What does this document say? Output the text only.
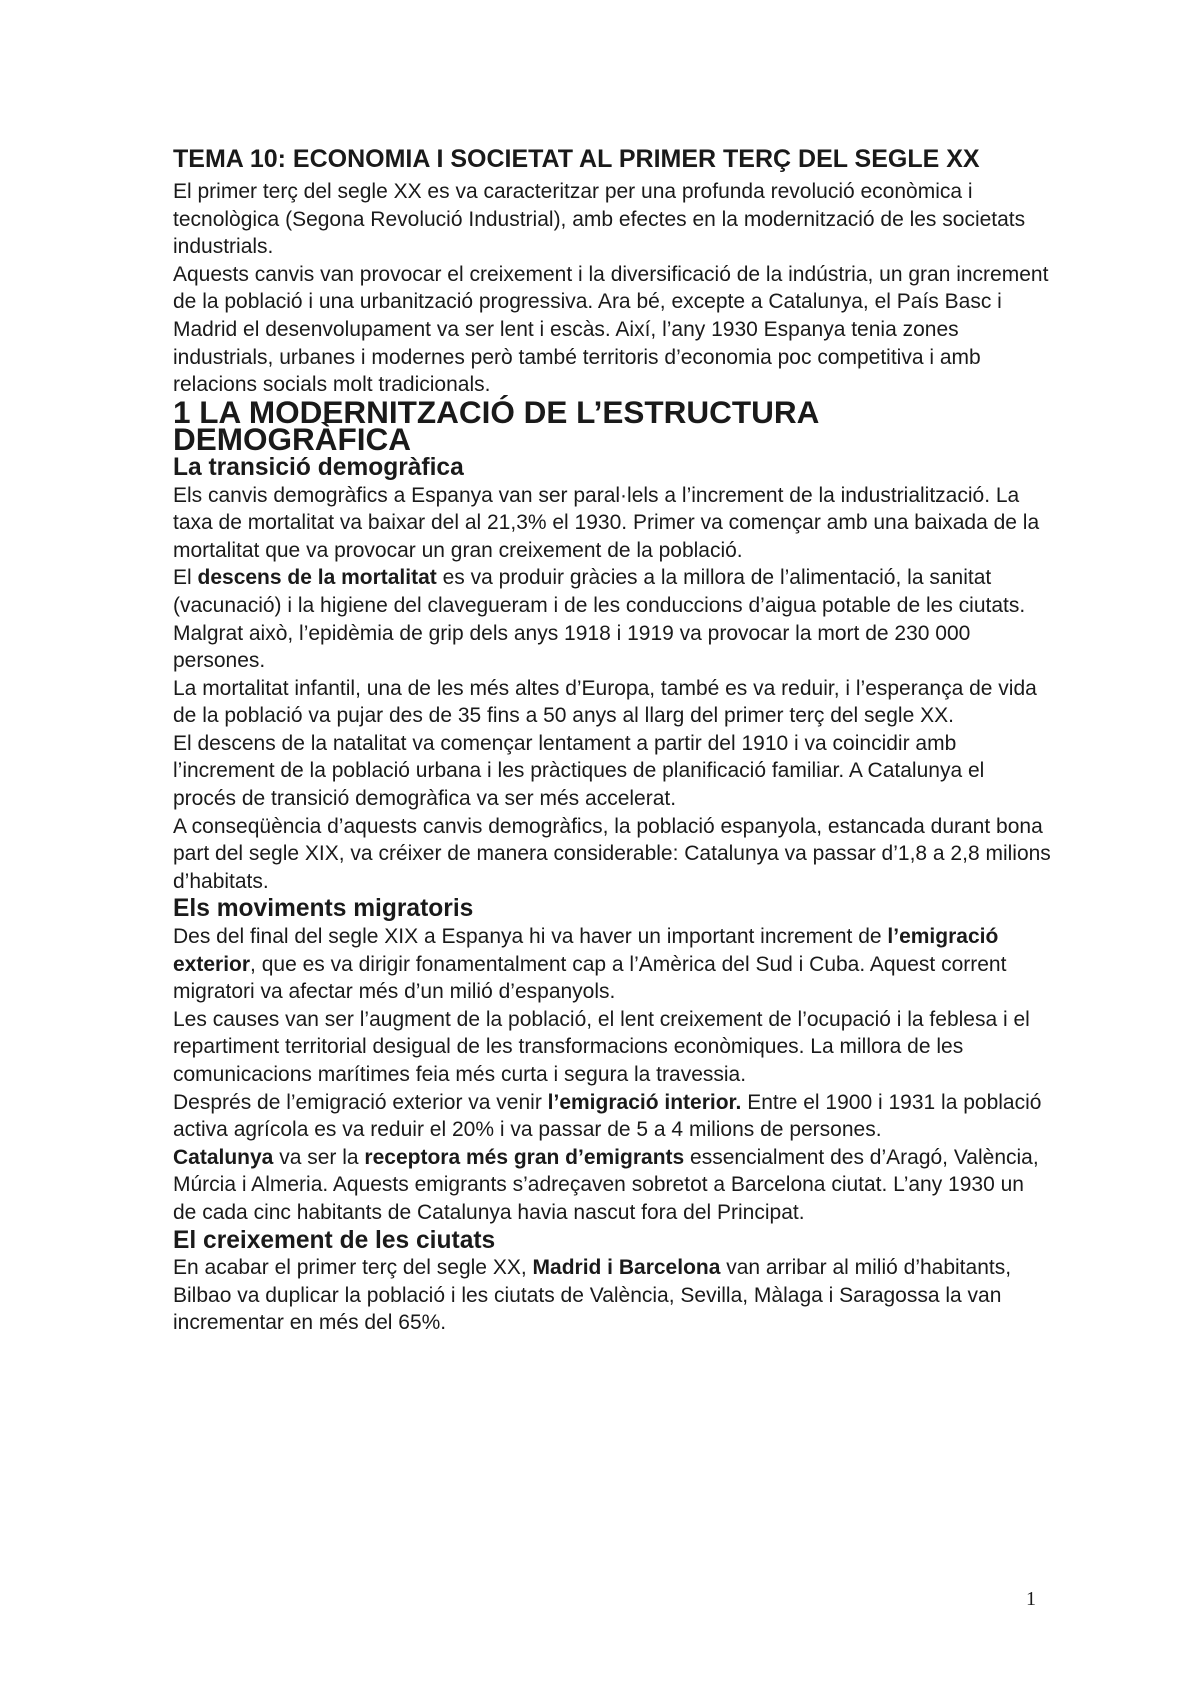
TEMA 10: ECONOMIA I SOCIETAT AL PRIMER TERÇ DEL SEGLE XX

El primer terç del segle XX es va caracteritzar per una profunda revolució econòmica i tecnològica (Segona Revolució Industrial), amb efectes en la modernització de les societats industrials.

Aquests canvis van provocar el creixement i la diversificació de la indústria, un gran increment de la població i una urbanització progressiva. Ara bé, excepte a Catalunya, el País Basc i Madrid el desenvolupament va ser lent i escàs. Així, l’any 1930 Espanya tenia zones industrials, urbanes i modernes però també territoris d’economia poc competitiva i amb relacions socials molt tradicionals.

1 LA MODERNITZACIÓ DE L’ESTRUCTURA DEMOGRÀFICA
La transició demogràfica

Els canvis demogràfics a Espanya van ser paral·lels a l’increment de la industrialització. La taxa de mortalitat va baixar del al 21,3% el 1930. Primer va començar amb una baixada de la mortalitat que va provocar un gran creixement de la població.

El descens de la mortalitat es va produir gràcies a la millora de l’alimentació, la sanitat (vacunació) i la higiene del clavegueram i de les conduccions d’aigua potable de les ciutats. Malgrat això, l’epidèmia de grip dels anys 1918 i 1919 va provocar la mort de 230 000 persones.

La mortalitat infantil, una de les més altes d’Europa, també es va reduir, i l’esperança de vida de la població va pujar des de 35 fins a 50 anys al llarg del primer terç del segle XX.

El descens de la natalitat va començar lentament a partir del 1910 i va coincidir amb l’increment de la població urbana i les pràctiques de planificació familiar. A Catalunya el procés de transició demogràfica va ser més accelerat.

A conseqüència d’aquests canvis demogràfics, la població espanyola, estancada durant bona part del segle XIX, va créixer de manera considerable: Catalunya va passar d’1,8 a 2,8 milions d’habitats.

Els moviments migratoris

Des del final del segle XIX a Espanya hi va haver un important increment de l’emigració exterior, que es va dirigir fonamentalment cap a l’Amèrica del Sud i Cuba. Aquest corrent migratori va afectar més d’un milió d’espanyols.

Les causes van ser l’augment de la població, el lent creixement de l’ocupació i la feblesa i el repartiment territorial desigual de les transformacions econòmiques. La millora de les comunicacions marítimes feia més curta i segura la travessia.

Després de l’emigració exterior va venir l’emigració interior. Entre el 1900 i 1931 la població activa agrícola es va reduir el 20% i va passar de 5 a 4 milions de persones.

Catalunya va ser la receptora més gran d’emigrants essencialment des d’Aragó, València, Múrcia i Almeria. Aquests emigrants s’adreçaven sobretot a Barcelona ciutat. L’any 1930 un de cada cinc habitants de Catalunya havia nascut fora del Principat.

El creixement de les ciutats

En acabar el primer terç del segle XX, Madrid i Barcelona van arribar al milió d’habitants, Bilbao va duplicar la població i les ciutats de València, Sevilla, Màlaga i Saragossa la van incrementar en més del 65%.

1
